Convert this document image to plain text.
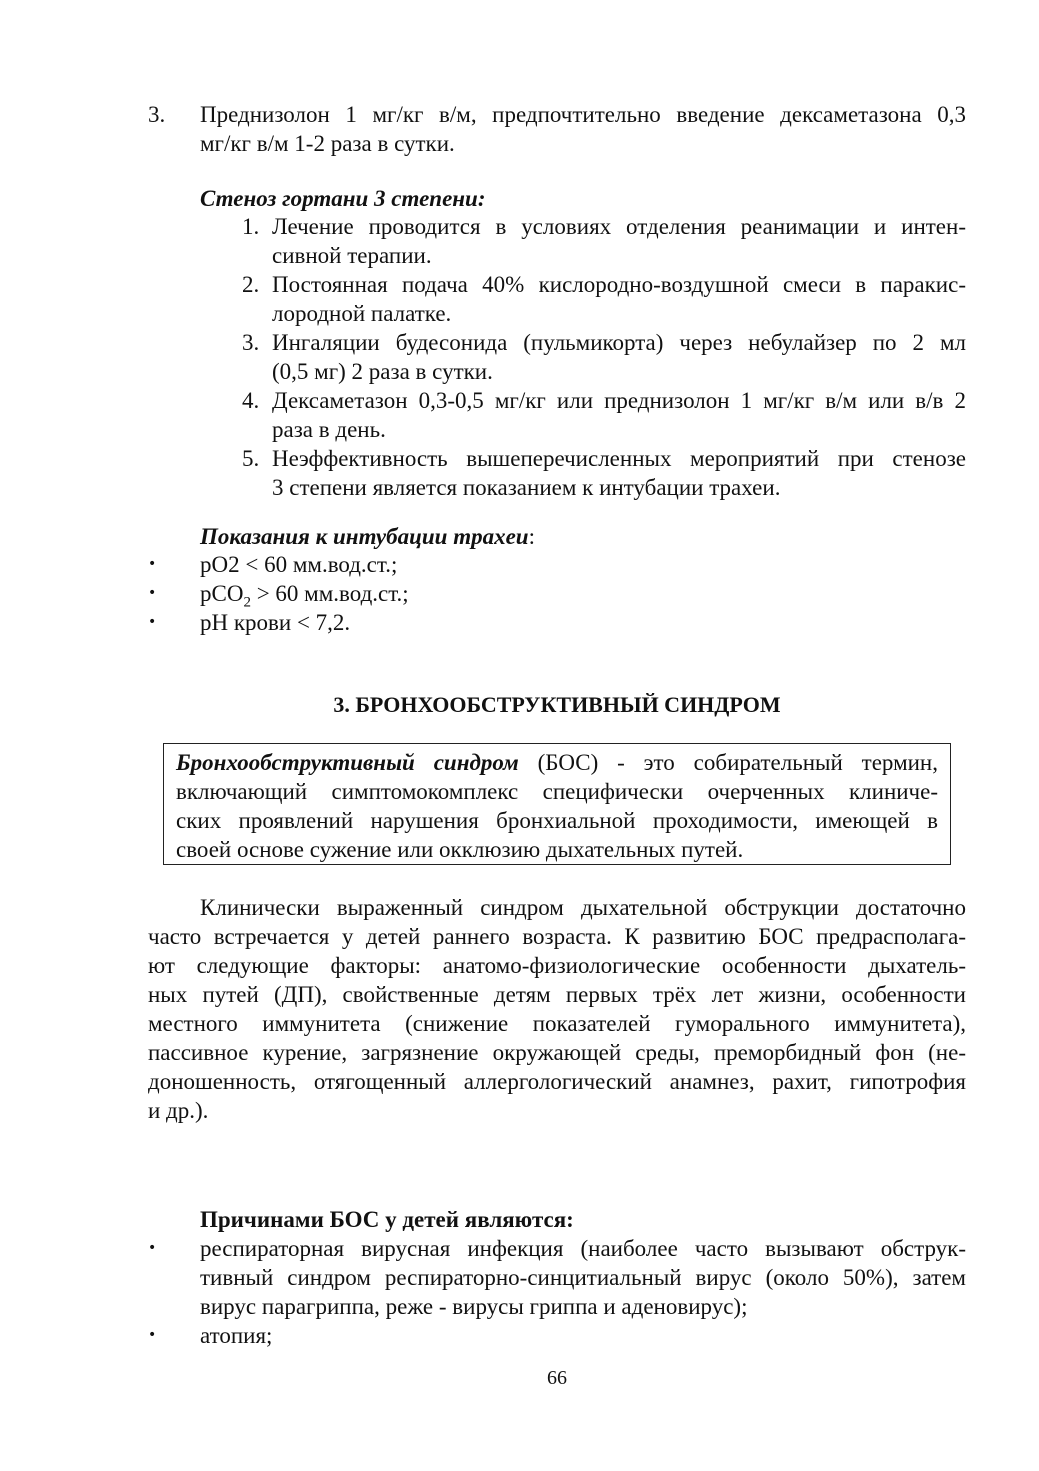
3. Преднизолон 1 мг/кг в/м, предпочтительно введение дексаметазона 0,3
мг/кг в/м 1-2 раза в сутки.
Стеноз гортани 3 степени:
1. Лечение проводится в условиях отделения реанимации и интен-
сивной терапии.
2. Постоянная подача 40% кислородно-воздушной смеси в паракис-
лородной палатке.
3. Ингаляции будесонида (пульмикорта) через небулайзер по 2 мл
(0,5 мг) 2 раза в сутки.
4. Дексаметазон 0,3-0,5 мг/кг или преднизолон 1 мг/кг в/м или в/в 2
раза в день.
5. Неэффективность вышеперечисленных мероприятий при стенозе
3 степени является показанием к интубации трахеи.
Показания к интубации трахеи:
• pO2 < 60 мм.вод.ст.;
• pCO$_2$ > 60 мм.вод.ст.;
• pH крови < 7,2.
3. БРОНХООБСТРУКТИВНЫЙ СИНДРОМ
Бронхообструктивный синдром (БОС) - это собирательный термин,
включающий симптомокомплекс специфически очерченных клиниче-
ских проявлений нарушения бронхиальной проходимости, имеющей в
своей основе сужение или окклюзию дыхательных путей.
Клинически выраженный синдром дыхательной обструкции достаточно
часто встречается у детей раннего возраста. К развитию БОС предрасполага-
ют следующие факторы: анатомо-физиологические особенности дыхатель-
ных путей (ДП), свойственные детям первых трёх лет жизни, особенности
местного иммунитета (снижение показателей гуморального иммунитета),
пассивное курение, загрязнение окружающей среды, преморбидный фон (не-
доношенность, отягощенный аллергологический анамнез, рахит, гипотрофия
и др.).
Причинами БОС у детей являются:
• респираторная вирусная инфекция (наиболее часто вызывают обструк-
тивный синдром респираторно-синцитиальный вирус (около 50%), затем
вирус парагриппа, реже - вирусы гриппа и аденовирус);
• атопия;
66
